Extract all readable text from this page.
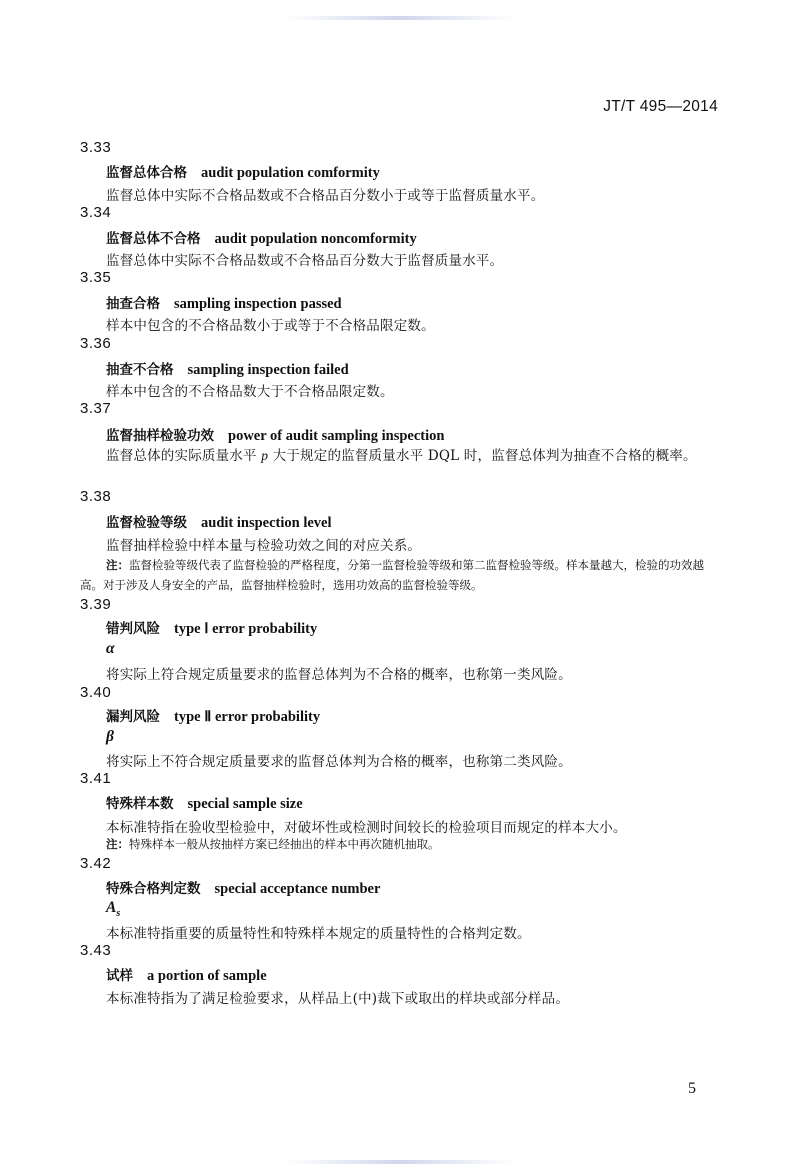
JT/T 495—2014
3.33
监督总体合格 audit population comformity
监督总体中实际不合格品数或不合格品百分数小于或等于监督质量水平。
3.34
监督总体不合格 audit population noncomformity
监督总体中实际不合格品数或不合格品百分数大于监督质量水平。
3.35
抽查合格 sampling inspection passed
样本中包含的不合格品数小于或等于不合格品限定数。
3.36
抽查不合格 sampling inspection failed
样本中包含的不合格品数大于不合格品限定数。
3.37
监督抽样检验功效 power of audit sampling inspection
监督总体的实际质量水平 p 大于规定的监督质量水平 DQL 时，监督总体判为抽查不合格的概率。
3.38
监督检验等级 audit inspection level
监督抽样检验中样本量与检验功效之间的对应关系。
注：监督检验等级代表了监督检验的严格程度，分第一监督检验等级和第二监督检验等级。样本量越大，检验的功效越高。对于涉及人身安全的产品，监督抽样检验时，选用功效高的监督检验等级。
3.39
错判风险 type Ⅰ error probability
α
将实际上符合规定质量要求的监督总体判为不合格的概率，也称第一类风险。
3.40
漏判风险 type Ⅱ error probability
β
将实际上不符合规定质量要求的监督总体判为合格的概率，也称第二类风险。
3.41
特殊样本数 special sample size
本标准特指在验收型检验中，对破坏性或检测时间较长的检验项目而规定的样本大小。
注：特殊样本一般从按抽样方案已经抽出的样本中再次随机抽取。
3.42
特殊合格判定数 special acceptance number
$A_s$
本标准特指重要的质量特性和特殊样本规定的质量特性的合格判定数。
3.43
试样 a portion of sample
本标准特指为了满足检验要求，从样品上(中)裁下或取出的样块或部分样品。
5
